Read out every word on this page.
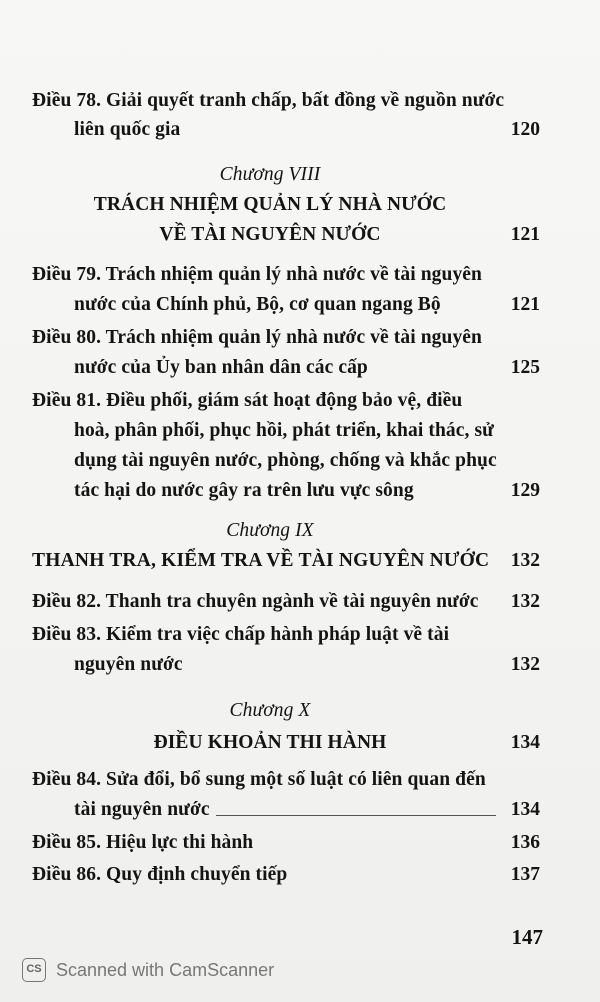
Điều 78. Giải quyết tranh chấp, bất đồng về nguồn nước
liên quốc gia	120
Chương VIII
TRÁCH NHIỆM QUẢN LÝ NHÀ NƯỚC
VỀ TÀI NGUYÊN NƯỚC	121
Điều 79. Trách nhiệm quản lý nhà nước về tài nguyên
nước của Chính phủ, Bộ, cơ quan ngang Bộ	121
Điều 80. Trách nhiệm quản lý nhà nước về tài nguyên
nước của Ủy ban nhân dân các cấp	125
Điều 81. Điều phối, giám sát hoạt động bảo vệ, điều
hoà, phân phối, phục hồi, phát triển, khai thác, sử
dụng tài nguyên nước, phòng, chống và khắc phục
tác hại do nước gây ra trên lưu vực sông	129
Chương IX
THANH TRA, KIỂM TRA VỀ TÀI NGUYÊN NƯỚC	132
Điều 82. Thanh tra chuyên ngành về tài nguyên nước	132
Điều 83. Kiểm tra việc chấp hành pháp luật về tài
nguyên nước	132
Chương X
ĐIỀU KHOẢN THI HÀNH	134
Điều 84. Sửa đổi, bổ sung một số luật có liên quan đến
tài nguyên nước	134
Điều 85. Hiệu lực thi hành	136
Điều 86. Quy định chuyển tiếp	137
147
CS Scanned with CamScanner
